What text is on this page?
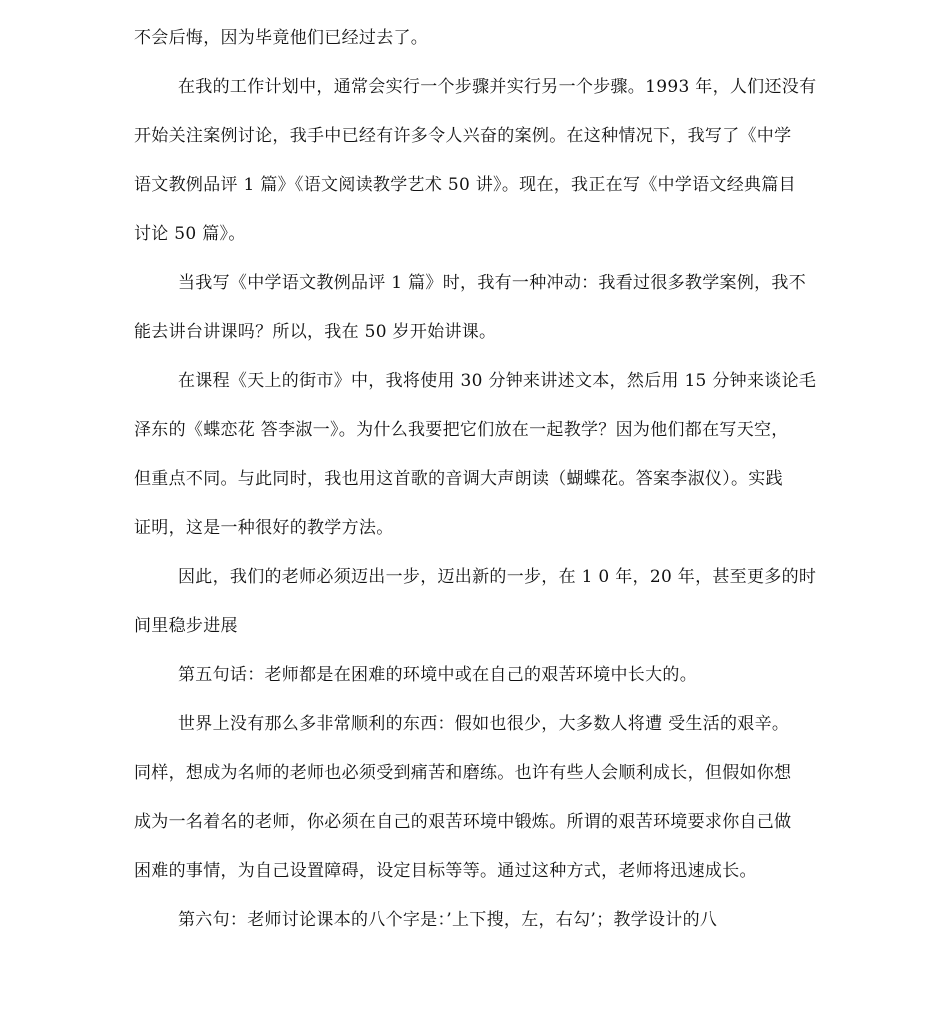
不会后悔，因为毕竟他们已经过去了。
在我的工作计划中，通常会实行一个步骤并实行另一个步骤。1993 年，人们还没有
开始关注案例讨论，我手中已经有许多令人兴奋的案例。在这种情况下，我写了《中学
语文教例品评 1 篇》《语文阅读教学艺术 50 讲》。现在，我正在写《中学语文经典篇目
讨论 50 篇》。
当我写《中学语文教例品评 1 篇》时，我有一种冲动：我看过很多教学案例，我不
能去讲台讲课吗？所以，我在 50 岁开始讲课。
在课程《天上的街市》中，我将使用 30 分钟来讲述文本，然后用 15 分钟来谈论毛
泽东的《蝶恋花 答李淑一》。为什么我要把它们放在一起教学？因为他们都在写天空，
但重点不同。与此同时，我也用这首歌的音调大声朗读（蝴蝶花。答案李淑仪）。实践
证明，这是一种很好的教学方法。
因此，我们的老师必须迈出一步，迈出新的一步，在 1 0 年，20 年，甚至更多的时
间里稳步进展
第五句话：老师都是在困难的环境中或在自己的艰苦环境中长大的。
世界上没有那么多非常顺利的东西：假如也很少，大多数人将遭 受生活的艰辛。
同样，想成为名师的老师也必须受到痛苦和磨练。也许有些人会顺利成长，但假如你想
成为一名着名的老师，你必须在自己的艰苦环境中锻炼。所谓的艰苦环境要求你自己做
困难的事情，为自己设置障碍，设定目标等等。通过这种方式，老师将迅速成长。
第六句：老师讨论课本的八个字是：’上下搜，左，右勾’；教学设计的八
